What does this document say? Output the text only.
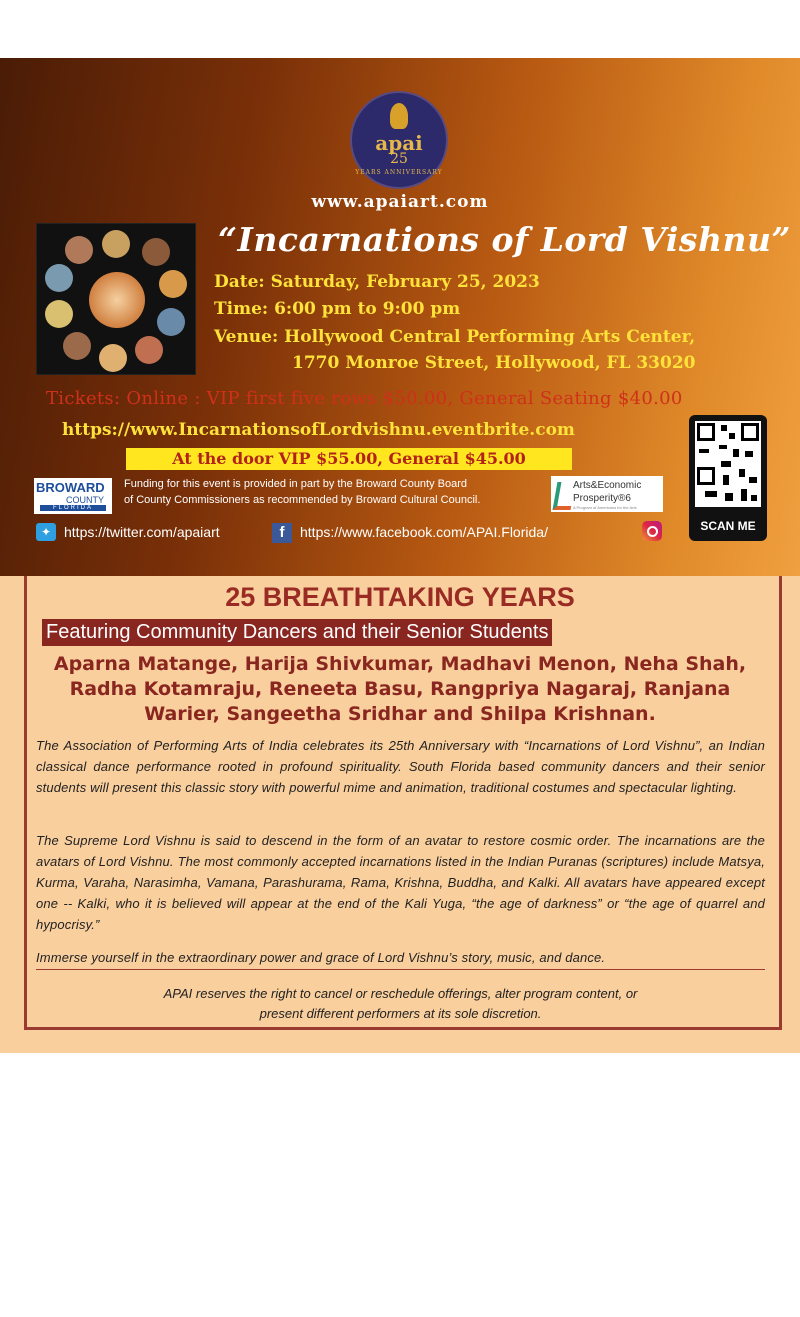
apai
25
YEARS ANNIVERSARY
www.apaiart.com
“Incarnations of Lord Vishnu”
Date: Saturday, February 25, 2023
Time: 6:00 pm to 9:00 pm
Venue: Hollywood Central Performing Arts Center,
1770 Monroe Street, Hollywood, FL 33020
Tickets: Online : VIP first five rows $50.00, General Seating $40.00
https://www.IncarnationsofLordvishnu.eventbrite.com
At the door VIP $55.00, General $45.00
BROWARD
COUNTY
FLORIDA
Funding for this event is provided in part by the Broward County Board
of County Commissioners as recommended by Broward Cultural Council.
Arts&Economic
Prosperity®6
A Program of Americans for the Arts
SCAN ME
✦ https://twitter.com/apaiart	f	https://www.facebook.com/APAI.Florida/
25 BREATHTAKING YEARS
Featuring Community Dancers and their Senior Students
Aparna Matange, Harija Shivkumar, Madhavi Menon, Neha Shah, Radha Kotamraju, Reneeta Basu, Rangpriya Nagaraj, Ranjana Warier, Sangeetha Sridhar and Shilpa Krishnan.
The Association of Performing Arts of India celebrates its 25th Anniversary with “Incarnations of Lord Vishnu”, an Indian classical dance performance rooted in profound spirituality. South Florida based community dancers and their senior students will present this classic story with powerful mime and animation, traditional costumes and spectacular lighting.
The Supreme Lord Vishnu is said to descend in the form of an avatar to restore cosmic order. The incarnations are the avatars of Lord Vishnu. The most commonly accepted incarnations listed in the Indian Puranas (scriptures) include Matsya, Kurma, Varaha, Narasimha, Vamana, Parashurama, Rama, Krishna, Buddha, and Kalki. All avatars have appeared except one -- Kalki, who it is believed will appear at the end of the Kali Yuga, “the age of darkness” or “the age of quarrel and hypocrisy.”
Immerse yourself in the extraordinary power and grace of Lord Vishnu’s story, music, and dance.
APAI reserves the right to cancel or reschedule offerings, alter program content, or
present different performers at its sole discretion.
